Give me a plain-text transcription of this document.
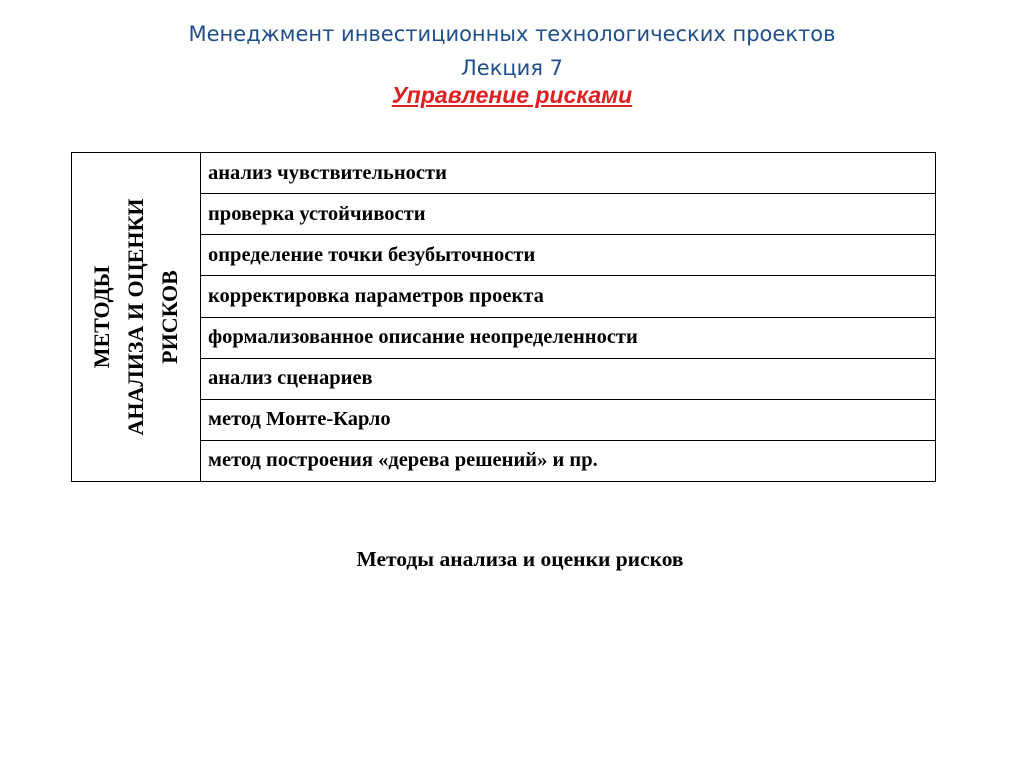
Менеджмент инвестиционных технологических проектов
Лекция 7
Управление рисками
МЕТОДЫ АНАЛИЗА И ОЦЕНКИ РИСКОВ
	анализ чувствительности
проверка устойчивости
определение точки безубыточности
корректировка параметров проекта
формализованное описание неопределенности
анализ сценариев
метод Монте-Карло
метод построения «дерева решений» и пр.
Методы анализа и оценки рисков
